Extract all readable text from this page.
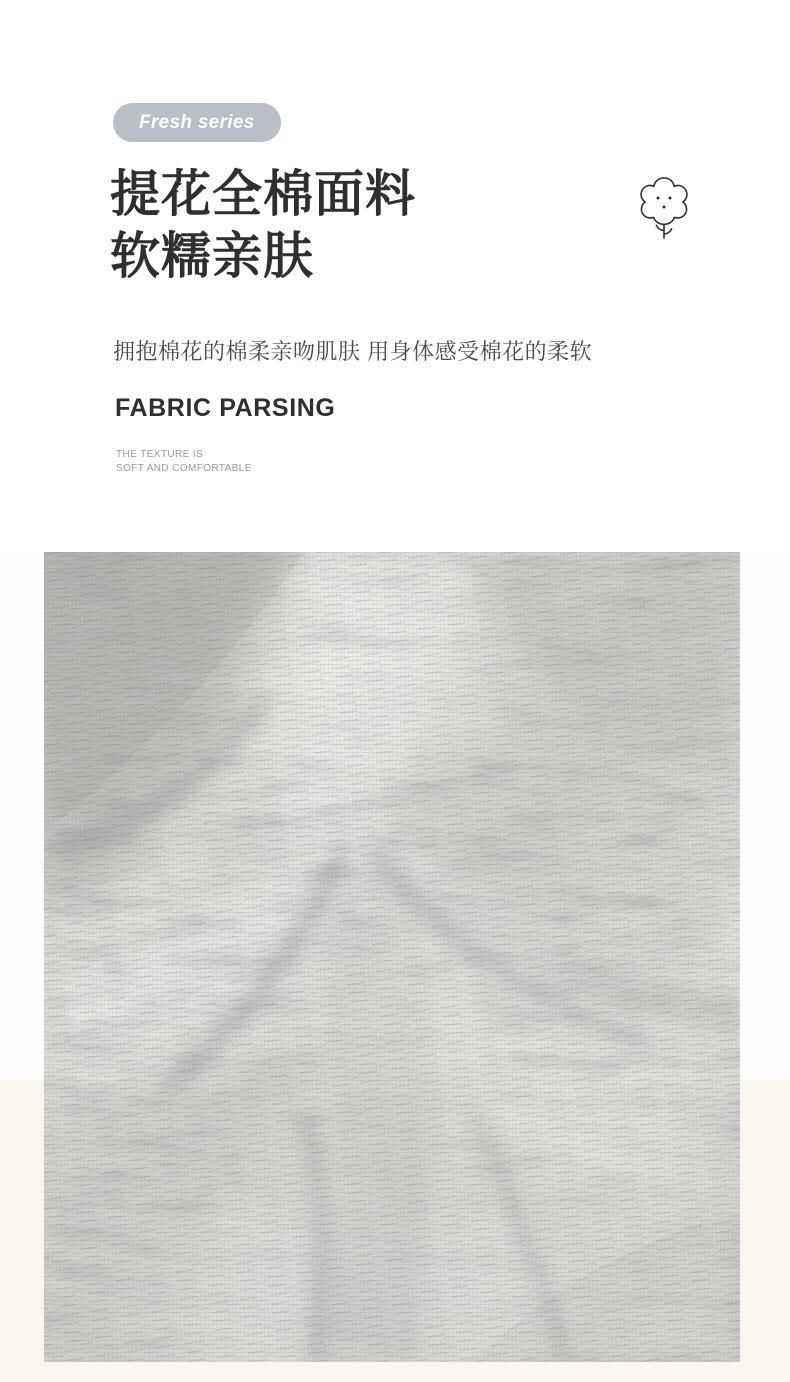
Fresh series
提花全棉面料
软糯亲肤
拥抱棉花的棉柔亲吻肌肤 用身体感受棉花的柔软
FABRIC PARSING
THE TEXTURE IS
SOFT AND COMFORTABLE
